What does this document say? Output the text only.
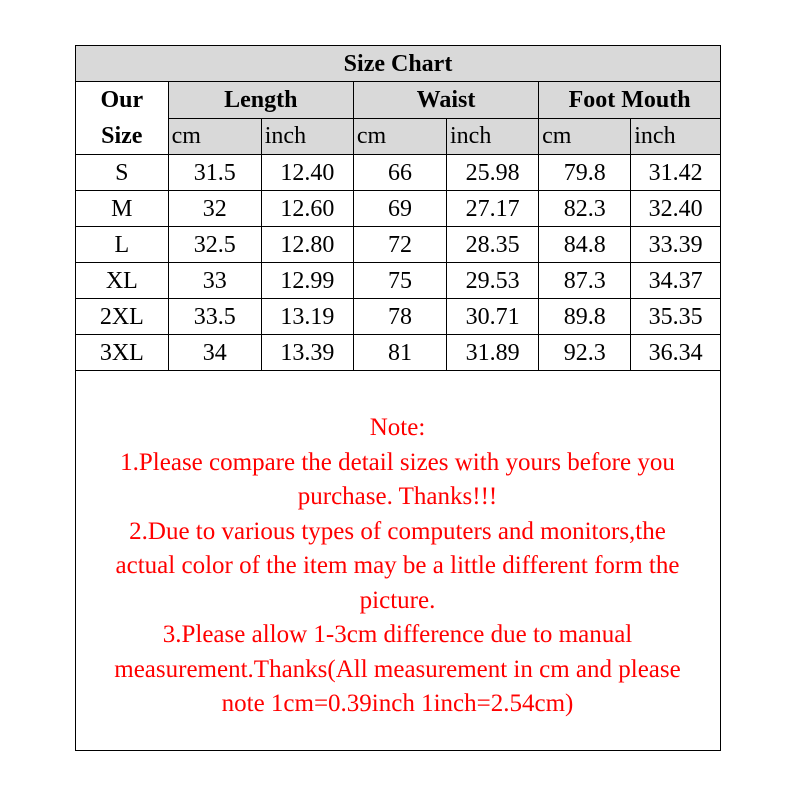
Size Chart						

Our
Size	Length		Waist		Foot Mouth	
	cm	inch	cm	inch	cm	inch
S	31.5	12.40	66	25.98	79.8	31.42
M	32	12.60	69	27.17	82.3	32.40
L	32.5	12.80	72	28.35	84.8	33.39
XL	33	12.99	75	29.53	87.3	34.37
2XL	33.5	13.19	78	30.71	89.8	35.35
3XL	34	13.39	81	31.89	92.3	36.34

Note:

1.Please compare the detail sizes with yours before you

purchase. Thanks!!!

2.Due to various types of computers and monitors,the

actual color of the item may be a little different form the

picture.

3.Please allow 1-3cm difference due to manual

measurement.Thanks(All measurement in cm and please

note 1cm=0.39inch 1inch=2.54cm)
